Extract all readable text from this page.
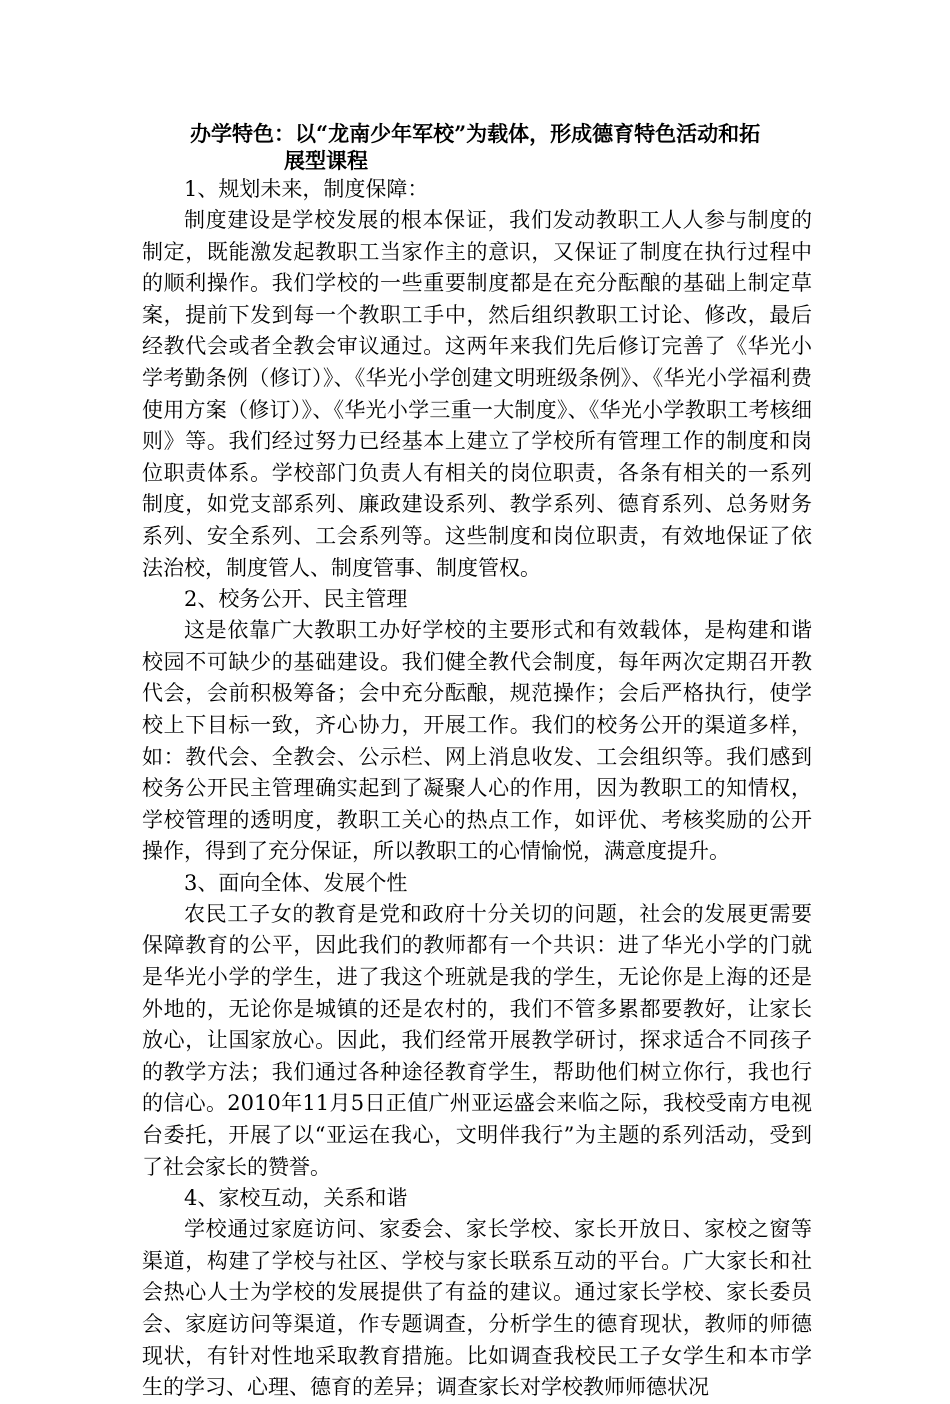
办学特色：以“龙南少年军校”为载体，形成德育特色活动和拓
展型课程

1、规划未来，制度保障：

制度建设是学校发展的根本保证，我们发动教职工人人参与制度的制定，既能激发起教职工当家作主的意识，又保证了制度在执行过程中的顺利操作。我们学校的一些重要制度都是在充分酝酿的基础上制定草案，提前下发到每一个教职工手中，然后组织教职工讨论、修改，最后经教代会或者全教会审议通过。这两年来我们先后修订完善了《华光小学考勤条例（修订）》、《华光小学创建文明班级条例》、《华光小学福利费使用方案（修订）》、《华光小学三重一大制度》、《华光小学教职工考核细则》等。我们经过努力已经基本上建立了学校所有管理工作的制度和岗位职责体系。学校部门负责人有相关的岗位职责，各条有相关的一系列制度，如党支部系列、廉政建设系列、教学系列、德育系列、总务财务系列、安全系列、工会系列等。这些制度和岗位职责，有效地保证了依法治校，制度管人、制度管事、制度管权。

2、校务公开、民主管理

这是依靠广大教职工办好学校的主要形式和有效载体，是构建和谐校园不可缺少的基础建设。我们健全教代会制度，每年两次定期召开教代会，会前积极筹备；会中充分酝酿，规范操作；会后严格执行，使学校上下目标一致，齐心协力，开展工作。我们的校务公开的渠道多样，如：教代会、全教会、公示栏、网上消息收发、工会组织等。我们感到校务公开民主管理确实起到了凝聚人心的作用，因为教职工的知情权，学校管理的透明度，教职工关心的热点工作，如评优、考核奖励的公开操作，得到了充分保证，所以教职工的心情愉悦，满意度提升。

3、面向全体、发展个性

农民工子女的教育是党和政府十分关切的问题，社会的发展更需要保障教育的公平，因此我们的教师都有一个共识：进了华光小学的门就是华光小学的学生，进了我这个班就是我的学生，无论你是上海的还是外地的，无论你是城镇的还是农村的，我们不管多累都要教好，让家长放心，让国家放心。因此，我们经常开展教学研讨，探求适合不同孩子的教学方法；我们通过各种途径教育学生，帮助他们树立你行，我也行的信心。2010年11月5日正值广州亚运盛会来临之际，我校受南方电视台委托，开展了以“亚运在我心，文明伴我行”为主题的系列活动，受到了社会家长的赞誉。

4、家校互动，关系和谐

学校通过家庭访问、家委会、家长学校、家长开放日、家校之窗等渠道，构建了学校与社区、学校与家长联系互动的平台。广大家长和社会热心人士为学校的发展提供了有益的建议。通过家长学校、家长委员会、家庭访问等渠道，作专题调查，分析学生的德育现状，教师的师德现状，有针对性地采取教育措施。比如调查我校民工子女学生和本市学生的学习、心理、德育的差异；调查家长对学校教师师德状况
